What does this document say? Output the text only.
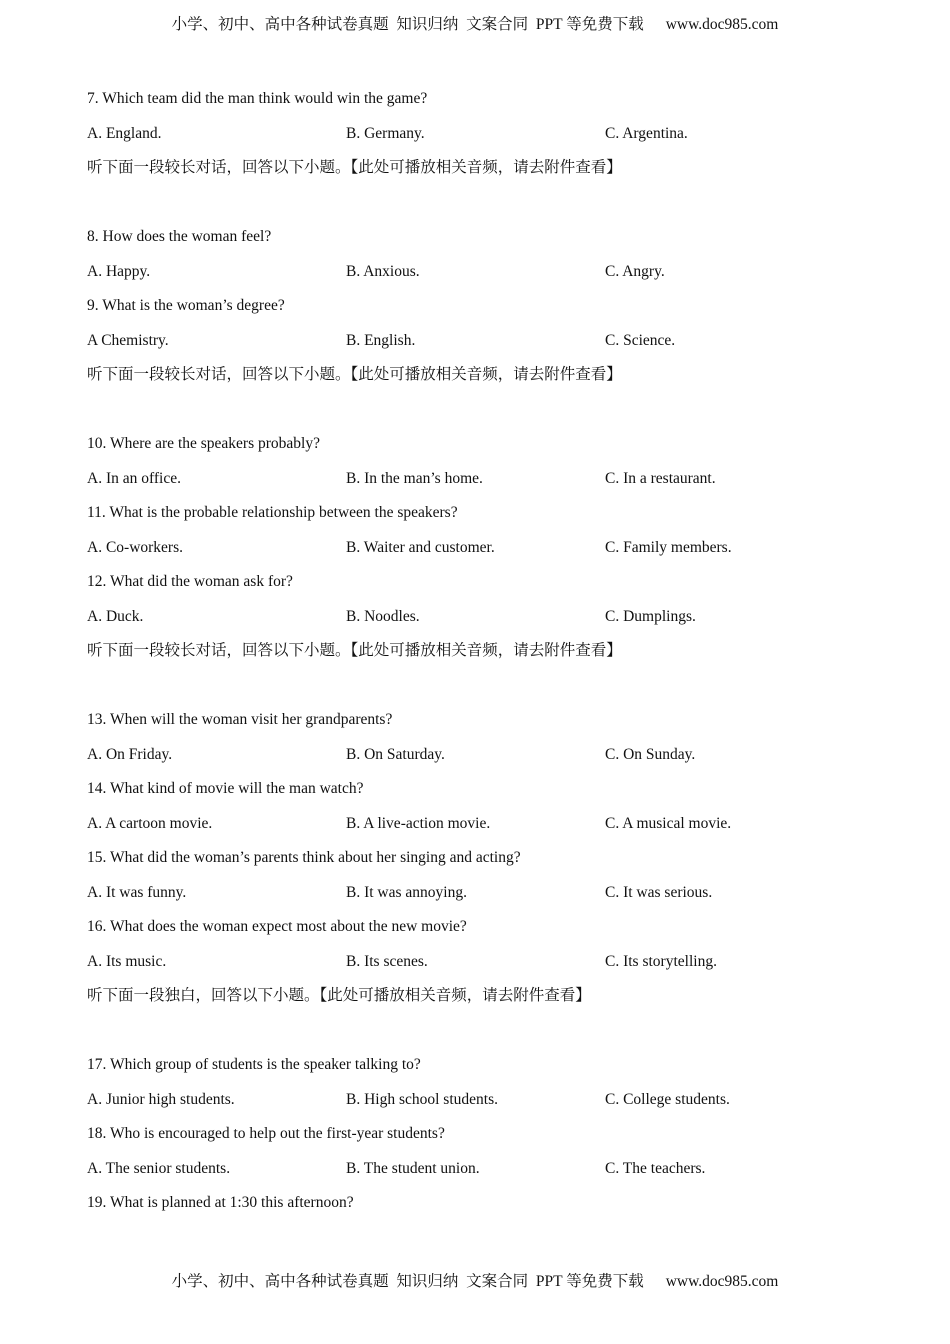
小学、初中、高中各种试卷真题  知识归纳  文案合同  PPT 等免费下载 www.doc985.com
7. Which team did the man think would win the game?
A. England.	B. Germany.	C. Argentina.
听下面一段较长对话，回答以下小题。【此处可播放相关音频，请去附件查看】
8. How does the woman feel?
A. Happy.	B. Anxious.	C. Angry.
9. What is the woman’s degree?
A Chemistry.	B. English.	C. Science.
听下面一段较长对话，回答以下小题。【此处可播放相关音频，请去附件查看】
10. Where are the speakers probably?
A. In an office.	B. In the man’s home.	C. In a restaurant.
11. What is the probable relationship between the speakers?
A. Co-workers.	B. Waiter and customer.	C. Family members.
12. What did the woman ask for?
A. Duck.	B. Noodles.	C. Dumplings.
听下面一段较长对话，回答以下小题。【此处可播放相关音频，请去附件查看】
13. When will the woman visit her grandparents?
A. On Friday.	B. On Saturday.	C. On Sunday.
14. What kind of movie will the man watch?
A. A cartoon movie.	B. A live-action movie.	C. A musical movie.
15. What did the woman’s parents think about her singing and acting?
A. It was funny.	B. It was annoying.	C. It was serious.
16. What does the woman expect most about the new movie?
A. Its music.	B. Its scenes.	C. Its storytelling.
听下面一段独白，回答以下小题。【此处可播放相关音频，请去附件查看】
17. Which group of students is the speaker talking to?
A. Junior high students.	B. High school students.	C. College students.
18. Who is encouraged to help out the first-year students?
A. The senior students.	B. The student union.	C. The teachers.
19. What is planned at 1:30 this afternoon?
小学、初中、高中各种试卷真题  知识归纳  文案合同  PPT 等免费下载 www.doc985.com
